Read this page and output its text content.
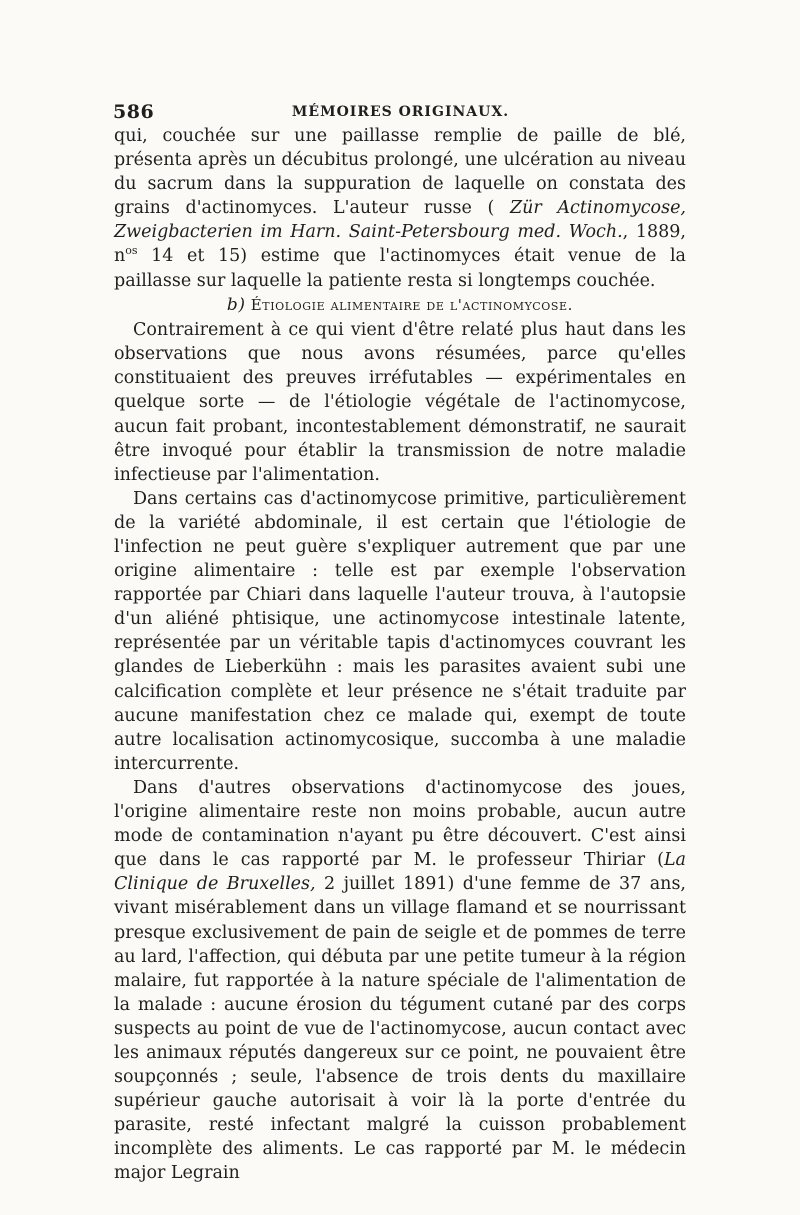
586	MÉMOIRES ORIGINAUX.

qui, couchée sur une paillasse remplie de paille de blé, présenta après un décubitus prolongé, une ulcération au niveau du sacrum dans la suppuration de laquelle on constata des grains d'actinomyces. L'auteur russe ( Zür Actinomycose, Zweigbacterien im Harn. Saint-Petersbourg med. Woch., 1889, $n^{os}$ 14 et 15) estime que l'actinomyces était venue de la paillasse sur laquelle la patiente resta si longtemps couchée.

b) Étiologie alimentaire de l'actinomycose.

Contrairement à ce qui vient d'être relaté plus haut dans les observations que nous avons résumées, parce qu'elles constituaient des preuves irréfutables — expérimentales en quelque sorte — de l'étiologie végétale de l'actinomycose, aucun fait probant, incontestablement démonstratif, ne saurait être invoqué pour établir la transmission de notre maladie infectieuse par l'alimentation.

Dans certains cas d'actinomycose primitive, particulièrement de la variété abdominale, il est certain que l'étiologie de l'infection ne peut guère s'expliquer autrement que par une origine alimentaire : telle est par exemple l'observation rapportée par Chiari dans laquelle l'auteur trouva, à l'autopsie d'un aliéné phtisique, une actinomycose intestinale latente, représentée par un véritable tapis d'actinomyces couvrant les glandes de Lieberkühn : mais les parasites avaient subi une calcification complète et leur présence ne s'était traduite par aucune manifestation chez ce malade qui, exempt de toute autre localisation actinomycosique, succomba à une maladie intercurrente.

Dans d'autres observations d'actinomycose des joues, l'origine alimentaire reste non moins probable, aucun autre mode de contamination n'ayant pu être découvert. C'est ainsi que dans le cas rapporté par M. le professeur Thiriar (La Clinique de Bruxelles, 2 juillet 1891) d'une femme de 37 ans, vivant misérablement dans un village flamand et se nourrissant presque exclusivement de pain de seigle et de pommes de terre au lard, l'affection, qui débuta par une petite tumeur à la région malaire, fut rapportée à la nature spéciale de l'alimentation de la malade : aucune érosion du tégument cutané par des corps suspects au point de vue de l'actinomycose, aucun contact avec les animaux réputés dangereux sur ce point, ne pouvaient être soupçonnés ; seule, l'absence de trois dents du maxillaire supérieur gauche autorisait à voir là la porte d'entrée du parasite, resté infectant malgré la cuisson probablement incomplète des aliments. Le cas rapporté par M. le médecin major Legrain
